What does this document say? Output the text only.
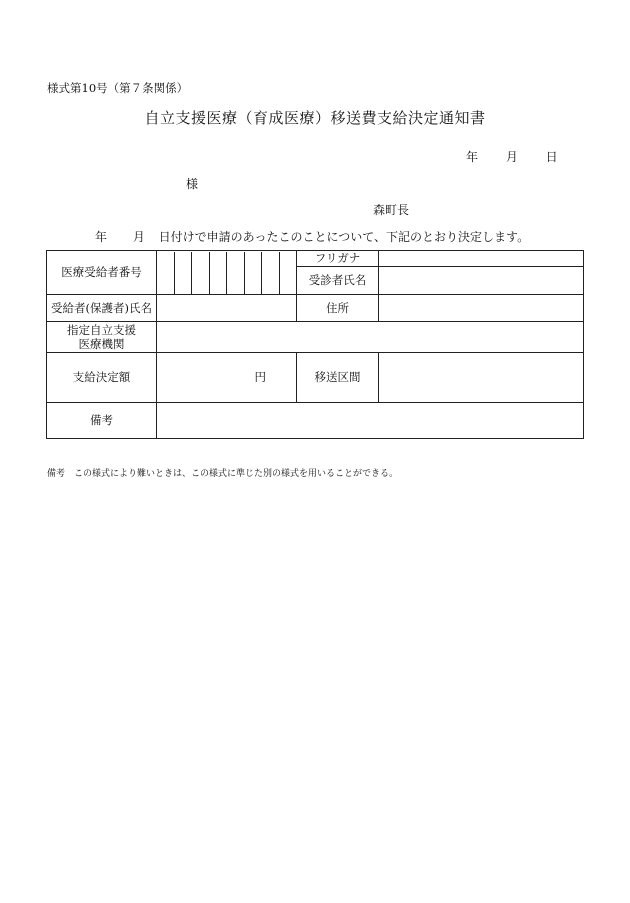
様式第10号（第７条関係）
自立支援医療（育成医療）移送費支給決定通知書
年 月 日
様
森町長
年 月 日付けで申請のあったこのことについて、下記のとおり決定します。
医療受給者番号		フリガナ	
		受診者氏名	
受給者(保護者)氏名		住所	

指定自立支援
医療機関			

支給決定額	円	移送区間	
備考			
備考　この様式により難いときは、この様式に準じた別の様式を用いることができる。
